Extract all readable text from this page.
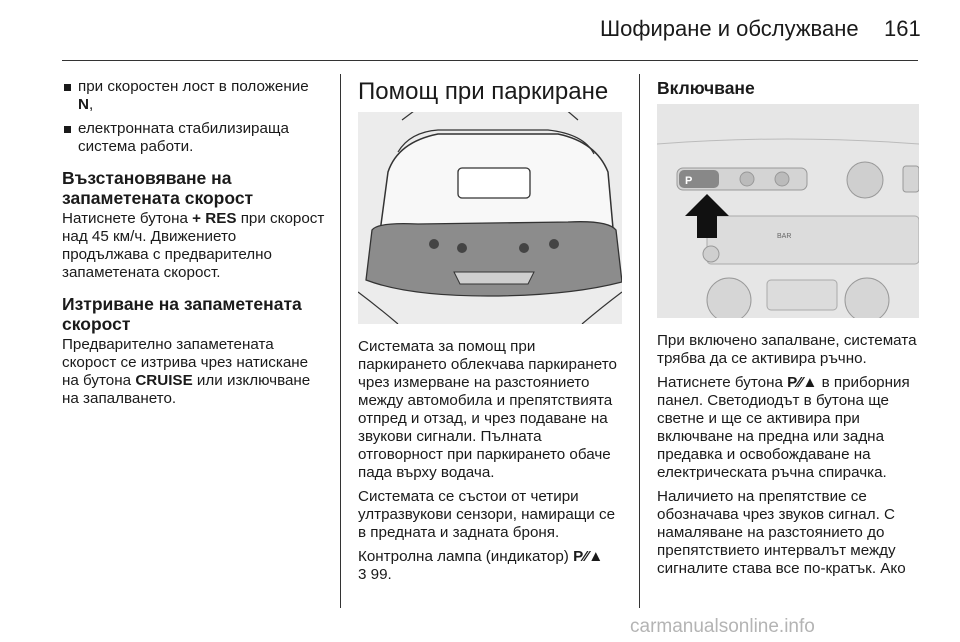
Шофиране и обслужване 161
при скоростен лост в положение N,
електронната стабилизираща система работи.
Възстановяване на запаметената скорост

Натиснете бутона + RES при скорост над 45 км/ч. Движението продължава с предварително запаметената скорост.

Изтриване на запаметената скорост

Предварително запаметената скорост се изтрива чрез натискане на бутона CRUISE или изключване на запалването.

Помощ при паркиране

Системата за помощ при паркирането облекчава паркирането чрез измерване на разстоянието между автомобила и препятствията отпред и отзад, и чрез подаване на звукови сигнали. Пълната отговорност при паркирането обаче пада върху водача.

Системата се състои от четири ултразвукови сензори, намиращи се в предната и задната броня.

Контролна лампа (индикатор) P⁄⁄▲
3 99.

Включване
P
BAR

При включено запалване, системата трябва да се активира ръчно.

Натиснете бутона P⁄⁄▲ в приборния панел. Светодиодът в бутона ще светне и ще се активира при включване на предна или задна предавка и освобождаване на електрическата ръчна спирачка.

Наличието на препятствие се обозначава чрез звуков сигнал. С намаляване на разстоянието до препятствието интервалът между сигналите става все по-кратък. Ако

carmanualsonline.info
